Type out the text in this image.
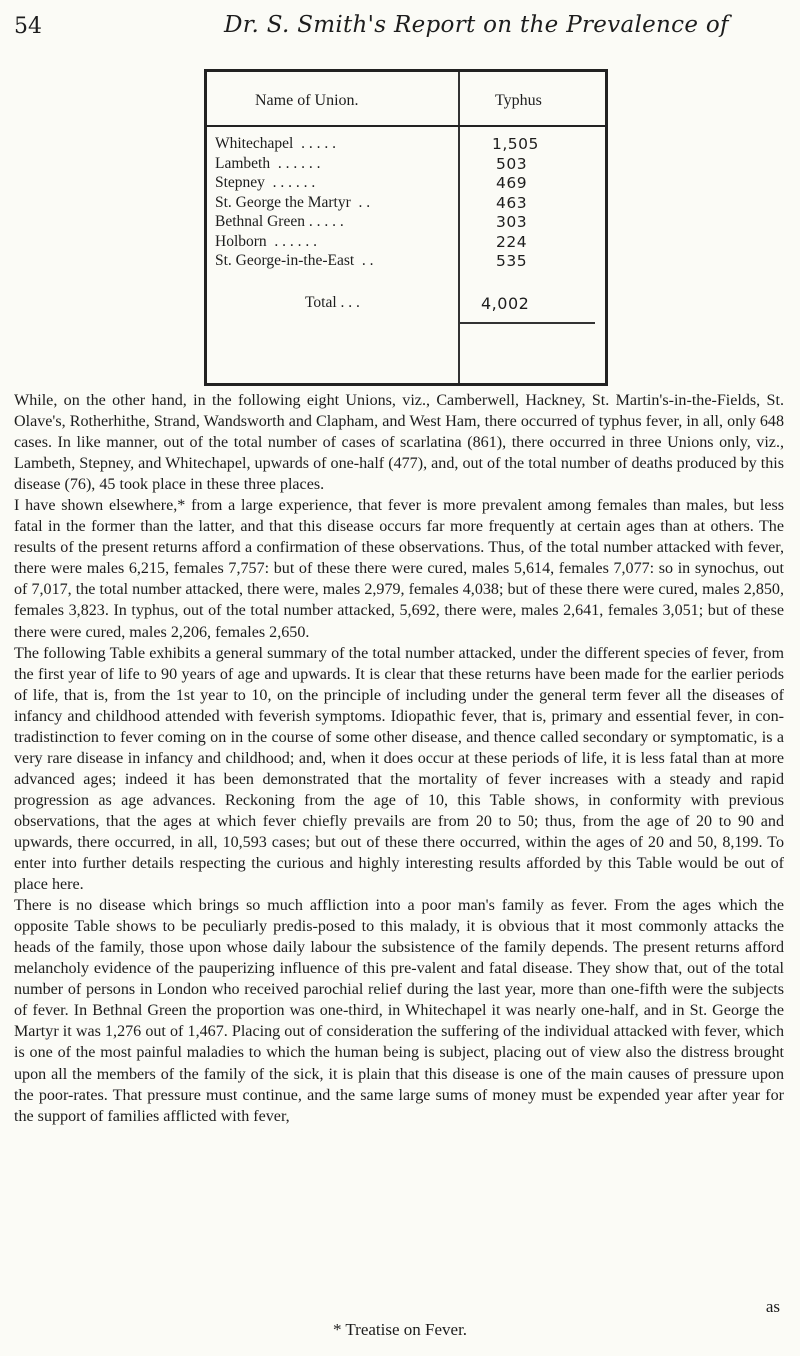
54	Dr. S. Smith's Report on the Prevalence of
Name of Union.	Typhus
Whitechapel  . . . . .	1,505
Lambeth  . . . . . .	503
Stepney  . . . . . .	469
St. George the Martyr  . .	463
Bethnal Green . . . . .	303
Holborn  . . . . . .	224
St. George-in-the-East  . .	535
Total . . .	4,002

While, on the other hand, in the following eight Unions, viz., Camberwell, Hackney, St. Martin's-in-the-Fields, St. Olave's, Rotherhithe, Strand, Wandsworth and Clapham, and West Ham, there occurred of typhus fever, in all, only 648 cases. In like manner, out of the total number of cases of scarlatina (861), there occurred in three Unions only, viz., Lambeth, Stepney, and Whitechapel, upwards of one-half (477), and, out of the total number of deaths produced by this disease (76), 45 took place in these three places.

I have shown elsewhere,* from a large experience, that fever is more prevalent among females than males, but less fatal in the former than the latter, and that this disease occurs far more frequently at certain ages than at others. The results of the present returns afford a confirmation of these observations. Thus, of the total number attacked with fever, there were males 6,215, females 7,757: but of these there were cured, males 5,614, females 7,077: so in synochus, out of 7,017, the total number attacked, there were, males 2,979, females 4,038; but of these there were cured, males 2,850, females 3,823. In typhus, out of the total number attacked, 5,692, there were, males 2,641, females 3,051; but of these there were cured, males 2,206, females 2,650.

The following Table exhibits a general summary of the total number attacked, under the different species of fever, from the first year of life to 90 years of age and upwards. It is clear that these returns have been made for the earlier periods of life, that is, from the 1st year to 10, on the principle of including under the general term fever all the diseases of infancy and childhood attended with feverish symptoms. Idiopathic fever, that is, primary and essential fever, in con-tradistinction to fever coming on in the course of some other disease, and thence called secondary or symptomatic, is a very rare disease in infancy and childhood; and, when it does occur at these periods of life, it is less fatal than at more advanced ages; indeed it has been demonstrated that the mortality of fever increases with a steady and rapid progression as age advances. Reckoning from the age of 10, this Table shows, in conformity with previous observations, that the ages at which fever chiefly prevails are from 20 to 50; thus, from the age of 20 to 90 and upwards, there occurred, in all, 10,593 cases; but out of these there occurred, within the ages of 20 and 50, 8,199. To enter into further details respecting the curious and highly interesting results afforded by this Table would be out of place here.

There is no disease which brings so much affliction into a poor man's family as fever. From the ages which the opposite Table shows to be peculiarly predis-posed to this malady, it is obvious that it most commonly attacks the heads of the family, those upon whose daily labour the subsistence of the family depends. The present returns afford melancholy evidence of the pauperizing influence of this pre-valent and fatal disease. They show that, out of the total number of persons in London who received parochial relief during the last year, more than one-fifth were the subjects of fever. In Bethnal Green the proportion was one-third, in Whitechapel it was nearly one-half, and in St. George the Martyr it was 1,276 out of 1,467. Placing out of consideration the suffering of the individual attacked with fever, which is one of the most painful maladies to which the human being is subject, placing out of view also the distress brought upon all the members of the family of the sick, it is plain that this disease is one of the main causes of pressure upon the poor-rates. That pressure must continue, and the same large sums of money must be expended year after year for the support of families afflicted with fever,

as
* Treatise on Fever.
